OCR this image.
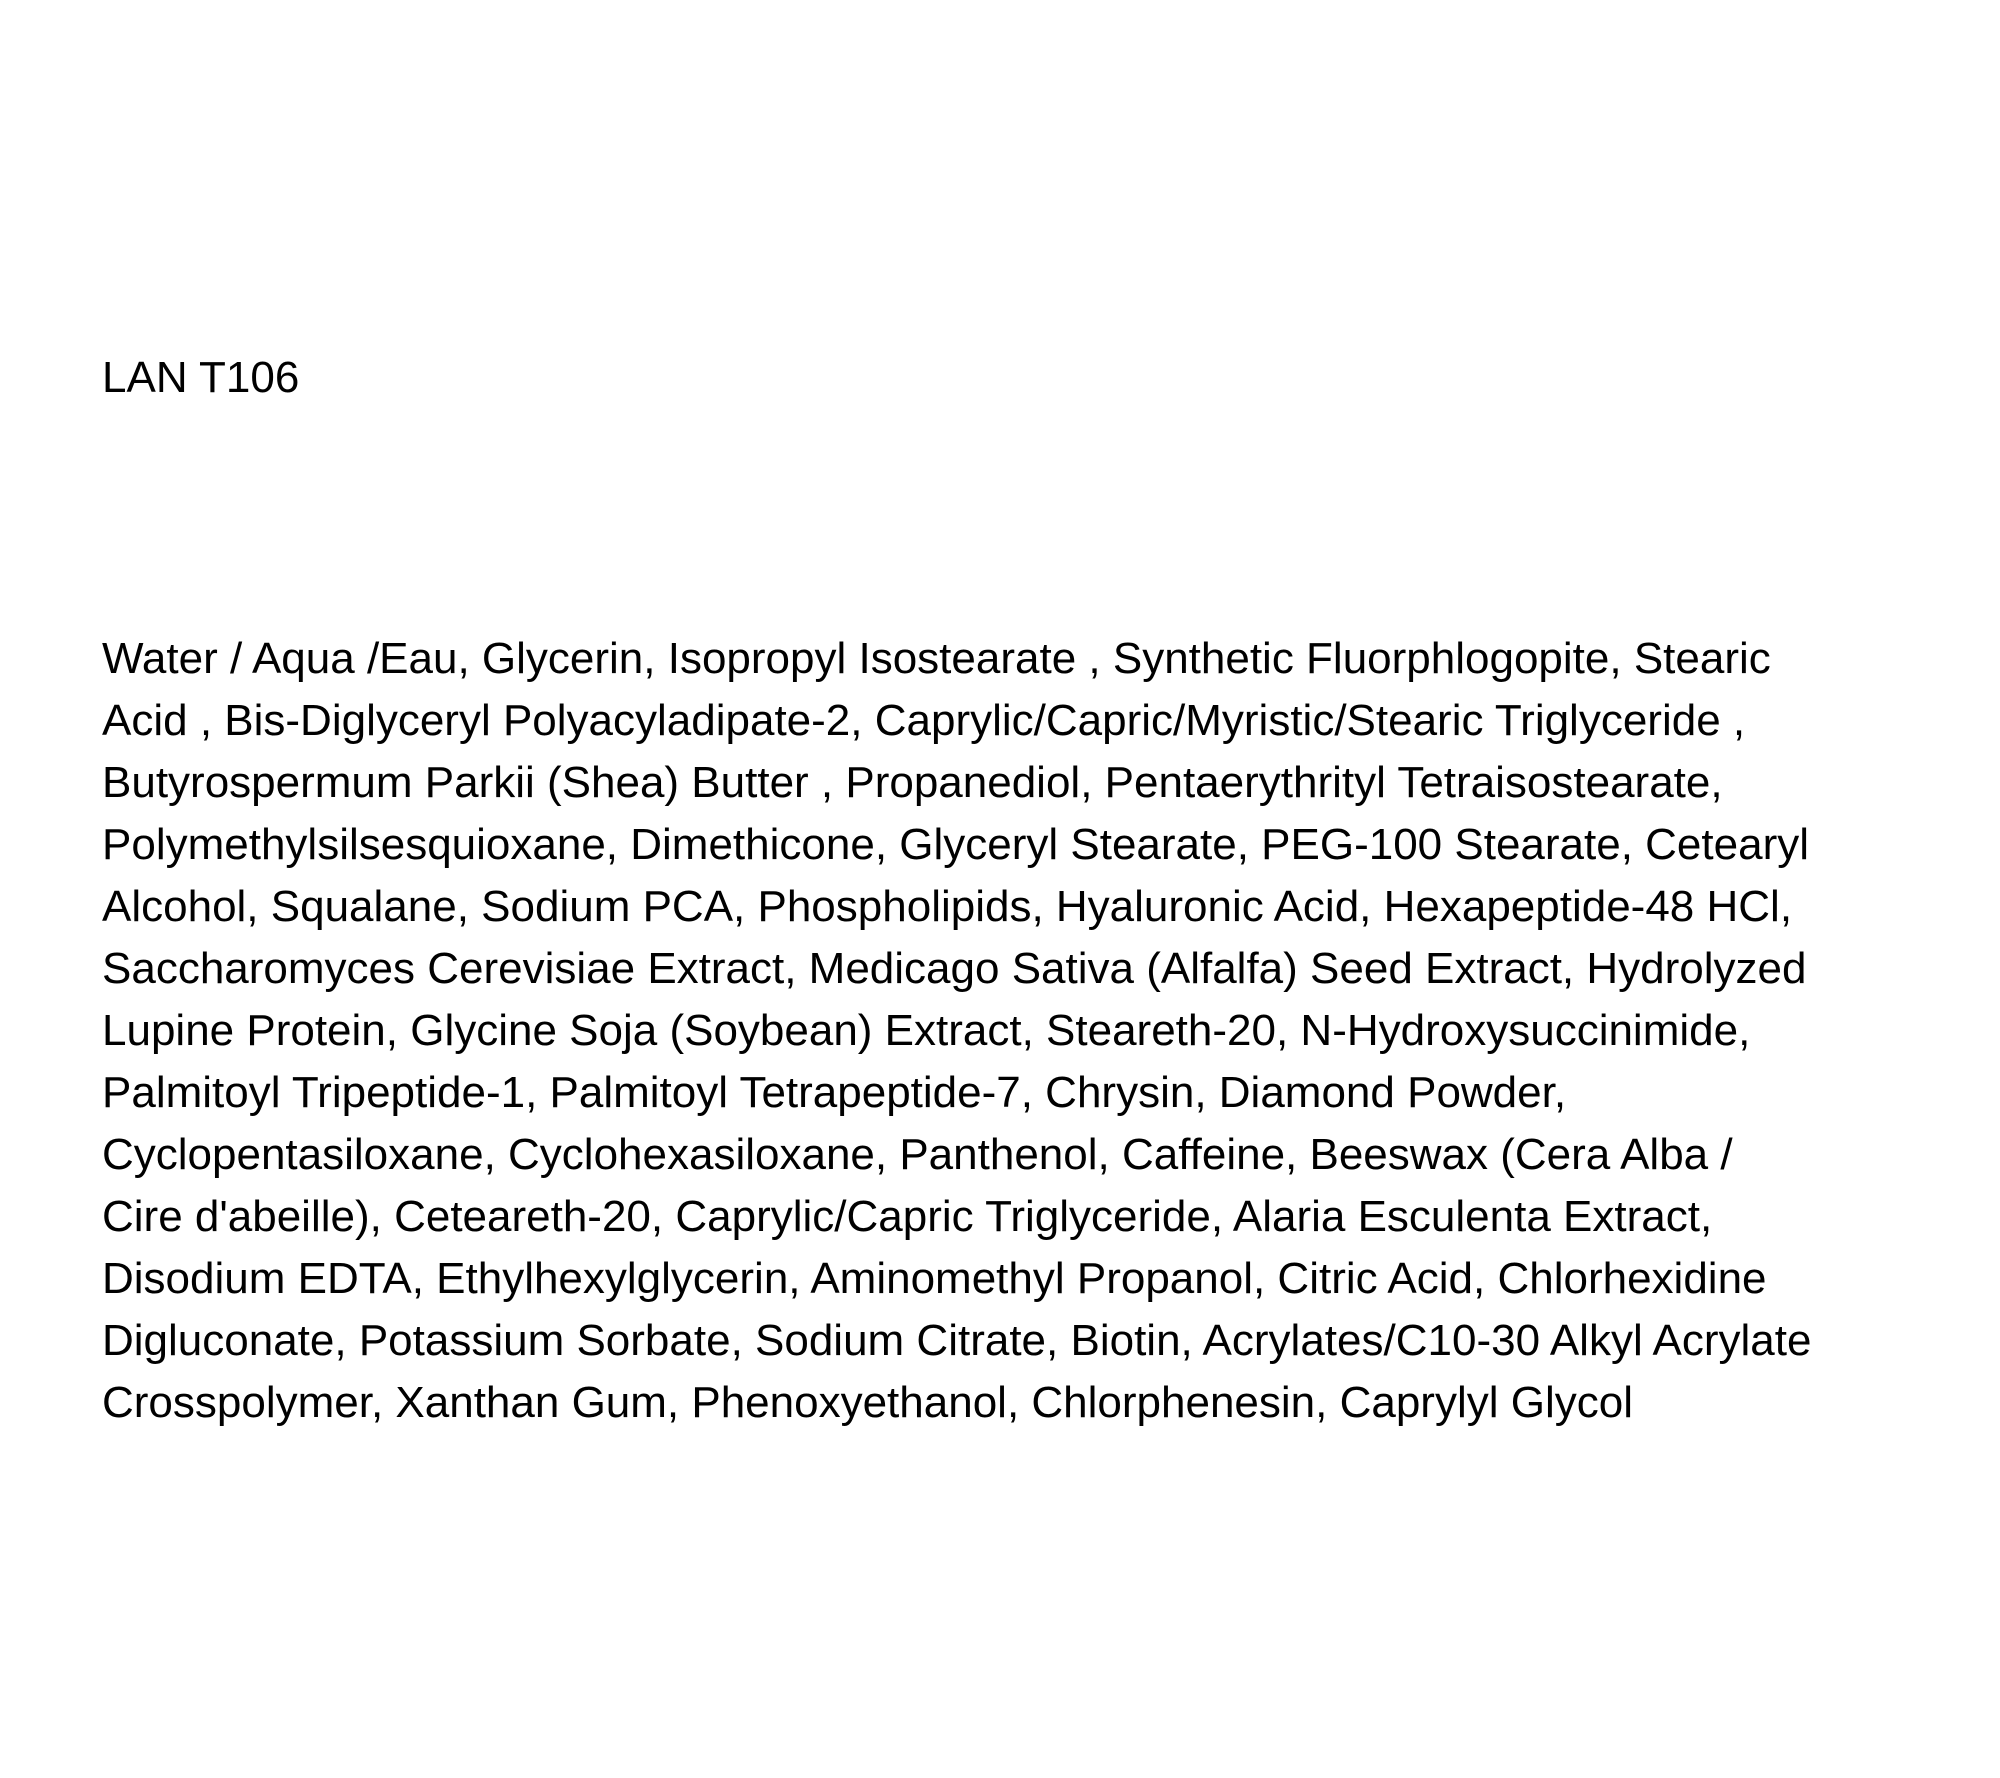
LAN T106
Water / Aqua /Eau, Glycerin, Isopropyl Isostearate , Synthetic Fluorphlogopite, Stearic
Acid , Bis-Diglyceryl Polyacyladipate-2, Caprylic/Capric/Myristic/Stearic Triglyceride ,
Butyrospermum Parkii (Shea) Butter , Propanediol, Pentaerythrityl Tetraisostearate,
Polymethylsilsesquioxane, Dimethicone, Glyceryl Stearate, PEG-100 Stearate, Cetearyl
Alcohol, Squalane, Sodium PCA, Phospholipids, Hyaluronic Acid, Hexapeptide-48 HCl,
Saccharomyces Cerevisiae Extract, Medicago Sativa (Alfalfa) Seed Extract, Hydrolyzed
Lupine Protein, Glycine Soja (Soybean) Extract, Steareth-20, N-Hydroxysuccinimide,
Palmitoyl Tripeptide-1, Palmitoyl Tetrapeptide-7, Chrysin, Diamond Powder,
Cyclopentasiloxane, Cyclohexasiloxane, Panthenol, Caffeine, Beeswax (Cera Alba /
Cire d'abeille), Ceteareth-20, Caprylic/Capric Triglyceride, Alaria Esculenta Extract,
Disodium EDTA, Ethylhexylglycerin, Aminomethyl Propanol, Citric Acid, Chlorhexidine
Digluconate, Potassium Sorbate, Sodium Citrate, Biotin, Acrylates/C10-30 Alkyl Acrylate
Crosspolymer, Xanthan Gum, Phenoxyethanol, Chlorphenesin, Caprylyl Glycol
